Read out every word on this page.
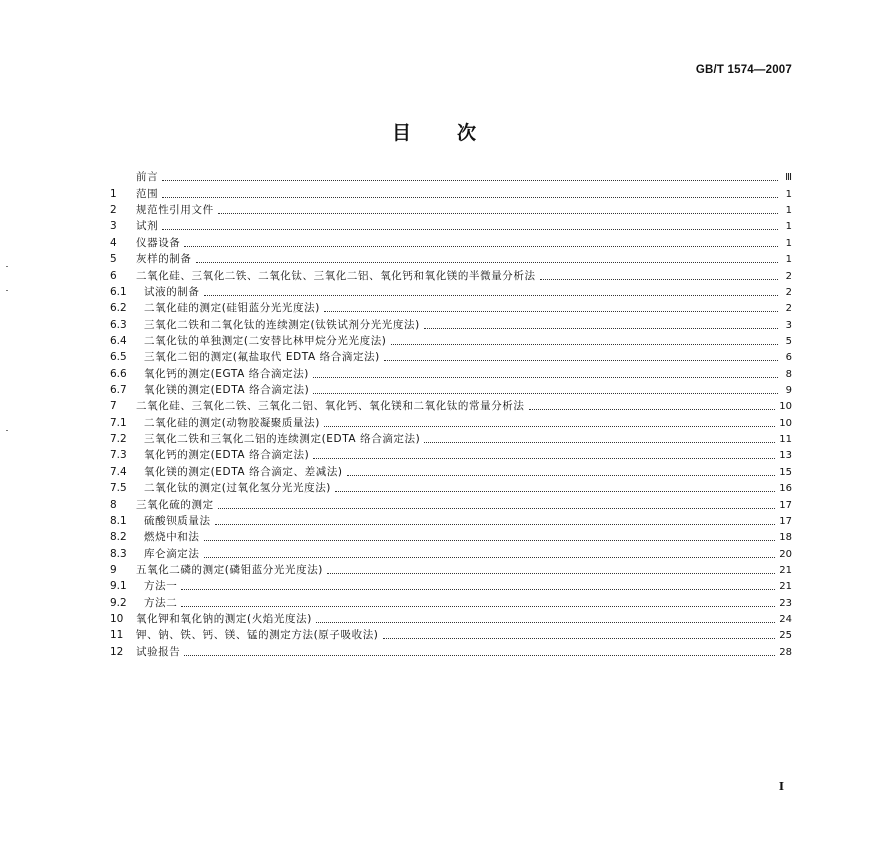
GB/T 1574—2007
目 次
前言	Ⅲ
1	范围	1
2	规范性引用文件	1
3	试剂	1
4	仪器设备	1
5	灰样的制备	1
6	二氧化硅、三氧化二铁、二氧化钛、三氧化二铝、氧化钙和氧化镁的半微量分析法	2
6.1	试液的制备	2
6.2	二氧化硅的测定(硅钼蓝分光光度法)	2
6.3	三氧化二铁和二氧化钛的连续测定(钛铁试剂分光光度法)	3
6.4	二氧化钛的单独测定(二安替比林甲烷分光光度法)	5
6.5	三氧化二铝的测定(氟盐取代 EDTA 络合滴定法)	6
6.6	氧化钙的测定(EGTA 络合滴定法)	8
6.7	氧化镁的测定(EDTA 络合滴定法)	9
7	二氧化硅、三氧化二铁、三氧化二铝、氧化钙、氧化镁和二氧化钛的常量分析法	10
7.1	二氧化硅的测定(动物胶凝聚质量法)	10
7.2	三氧化二铁和三氧化二铝的连续测定(EDTA 络合滴定法)	11
7.3	氧化钙的测定(EDTA 络合滴定法)	13
7.4	氧化镁的测定(EDTA 络合滴定、差减法)	15
7.5	二氧化钛的测定(过氧化氢分光光度法)	16
8	三氧化硫的测定	17
8.1	硫酸钡质量法	17
8.2	燃烧中和法	18
8.3	库仑滴定法	20
9	五氧化二磷的测定(磷钼蓝分光光度法)	21
9.1	方法一	21
9.2	方法二	23
10	氧化钾和氧化钠的测定(火焰光度法)	24
11	钾、钠、铁、钙、镁、锰的测定方法(原子吸收法)	25
12	试验报告	28
I
